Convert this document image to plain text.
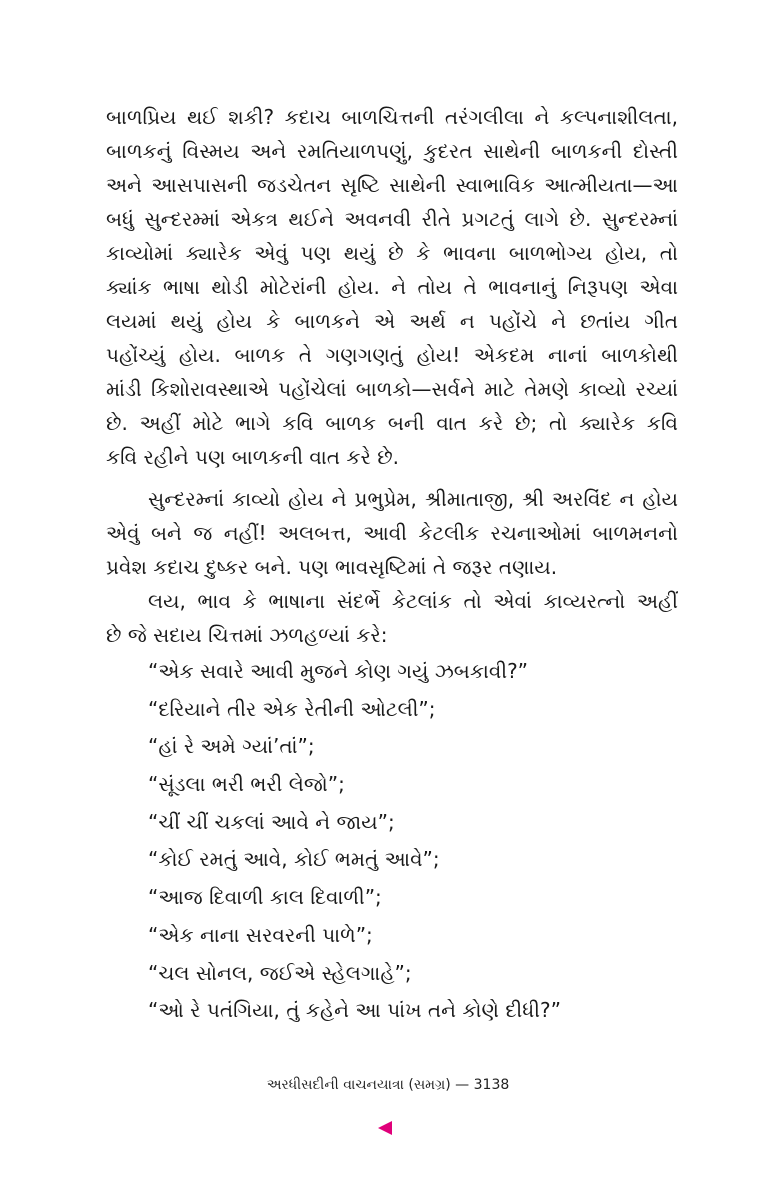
બાળપ્રિય થઈ શકી? કદાચ બાળચિત્તની તરંગલીલા ને કલ્પનાશીલતા,
બાળકનું વિસ્મય અને રમતિયાળપણું, કુદરત સાથેની બાળકની દોસ્તી
અને આસપાસની જડચેતન સૃષ્ટિ સાથેની સ્વાભાવિક આત્મીયતા—આ
બધું સુન્દરમ્માં એકત્ર થઈને અવનવી રીતે પ્રગટતું લાગે છે. સુન્દરમ્નાં
કાવ્યોમાં ક્યારેક એવું પણ થયું છે કે ભાવના બાળભોગ્ય હોય, તો
ક્યાંક ભાષા થોડી મોટેરાંની હોય. ને તોય તે ભાવનાનું નિરૂપણ એવા
લયમાં થયું હોય કે બાળકને એ અર્થ ન પહોંચે ને છતાંય ગીત
પહોંચ્યું હોય. બાળક તે ગણગણતું હોય! એકદમ નાનાં બાળકોથી
માંડી કિશોરાવસ્થાએ પહોંચેલાં બાળકો—સર્વને માટે તેમણે કાવ્યો રચ્યાં
છે. અહીં મોટે ભાગે કવિ બાળક બની વાત કરે છે; તો ક્યારેક કવિ
કવિ રહીને પણ બાળકની વાત કરે છે.
સુન્દરમ્નાં કાવ્યો હોય ને પ્રભુપ્રેમ, શ્રીમાતાજી, શ્રી અરવિંદ ન હોય
એવું બને જ નહીં! અલબત્ત, આવી કેટલીક રચનાઓમાં બાળમનનો
પ્રવેશ કદાચ દુષ્કર બને. પણ ભાવસૃષ્ટિમાં તે જરૂર તણાય.
લય, ભાવ કે ભાષાના સંદર્ભે કેટલાંક તો એવાં કાવ્યરત્નો અહીં
છે જે સદાય ચિત્તમાં ઝળહળ્યાં કરે:
“એક સવારે આવી મુજને કોણ ગયું ઝબકાવી?”
“દરિયાને તીર એક રેતીની ઓટલી”;
“હાં રે અમે ગ્યાં’તાં”;
“સૂંડલા ભરી ભરી લેજો”;
“ચીં ચીં ચકલાં આવે ને જાય”;
“કોઈ રમતું આવે, કોઈ ભમતું આવે”;
“આજ દિવાળી કાલ દિવાળી”;
“એક નાના સરવરની પાળે”;
“ચલ સોનલ, જઈએ સ્હેલગાહે”;
“ઓ રે પતંગિયા, તું કહેને આ પાંખ તને કોણે દીધી?”
અરધીસદીની વાચનયાત્રા (સમગ્ર) — 3138
